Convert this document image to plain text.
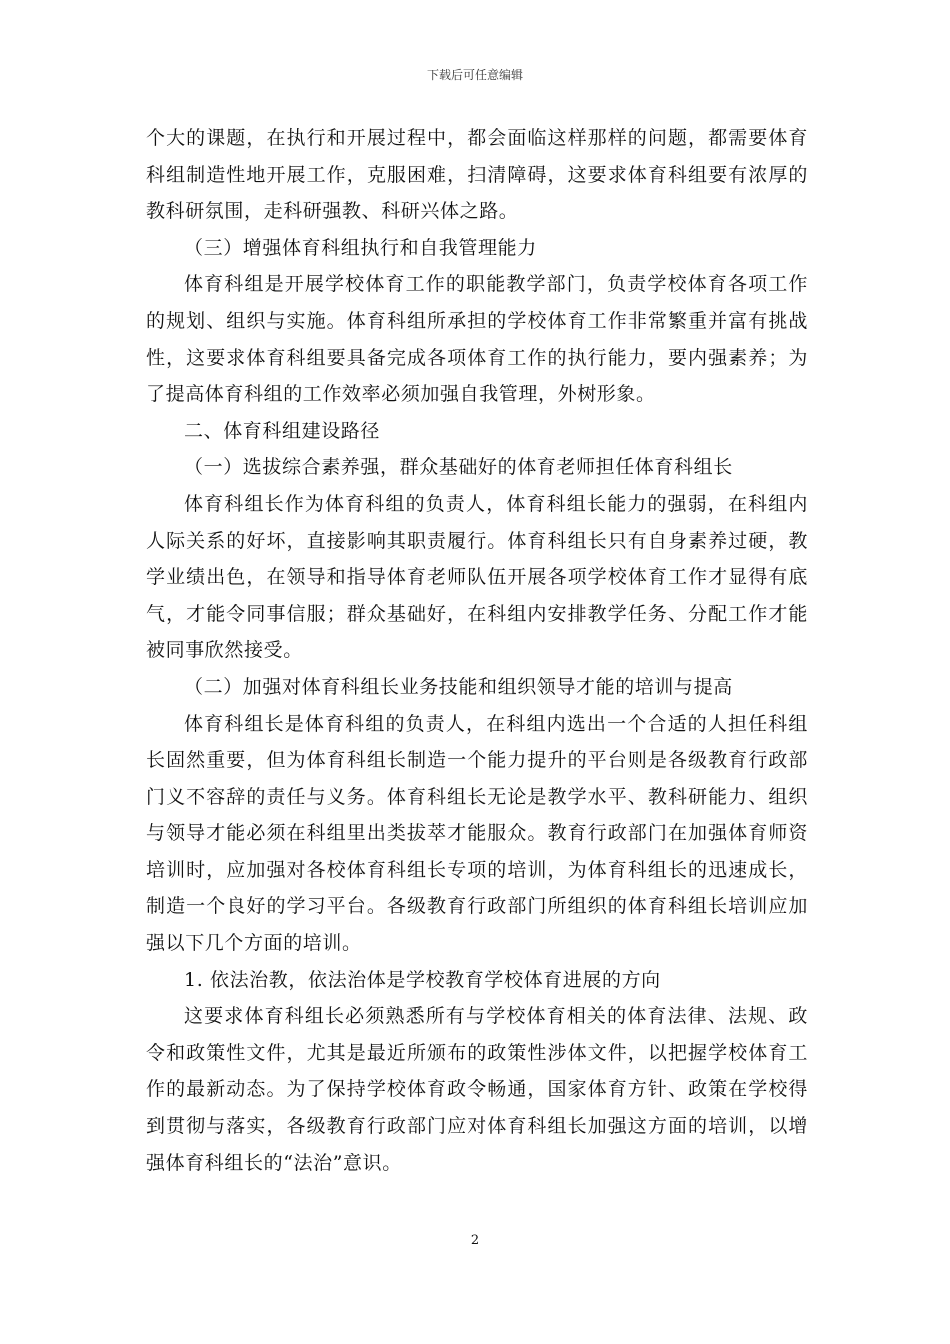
下载后可任意编辑

个大的课题，在执行和开展过程中，都会面临这样那样的问题，都需要体育科组制造性地开展工作，克服困难，扫清障碍，这要求体育科组要有浓厚的教科研氛围，走科研强教、科研兴体之路。

（三）增强体育科组执行和自我管理能力

体育科组是开展学校体育工作的职能教学部门，负责学校体育各项工作的规划、组织与实施。体育科组所承担的学校体育工作非常繁重并富有挑战性，这要求体育科组要具备完成各项体育工作的执行能力，要内强素养；为了提高体育科组的工作效率必须加强自我管理，外树形象。

二、体育科组建设路径

（一）选拔综合素养强，群众基础好的体育老师担任体育科组长

体育科组长作为体育科组的负责人，体育科组长能力的强弱，在科组内人际关系的好坏，直接影响其职责履行。体育科组长只有自身素养过硬，教学业绩出色，在领导和指导体育老师队伍开展各项学校体育工作才显得有底气，才能令同事信服；群众基础好，在科组内安排教学任务、分配工作才能被同事欣然接受。

（二）加强对体育科组长业务技能和组织领导才能的培训与提高

体育科组长是体育科组的负责人，在科组内选出一个合适的人担任科组长固然重要，但为体育科组长制造一个能力提升的平台则是各级教育行政部门义不容辞的责任与义务。体育科组长无论是教学水平、教科研能力、组织与领导才能必须在科组里出类拔萃才能服众。教育行政部门在加强体育师资培训时，应加强对各校体育科组长专项的培训，为体育科组长的迅速成长，制造一个良好的学习平台。各级教育行政部门所组织的体育科组长培训应加强以下几个方面的培训。

1. 依法治教，依法治体是学校教育学校体育进展的方向

这要求体育科组长必须熟悉所有与学校体育相关的体育法律、法规、政令和政策性文件，尤其是最近所颁布的政策性涉体文件，以把握学校体育工作的最新动态。为了保持学校体育政令畅通，国家体育方针、政策在学校得到贯彻与落实，各级教育行政部门应对体育科组长加强这方面的培训，以增强体育科组长的“法治”意识。

2
